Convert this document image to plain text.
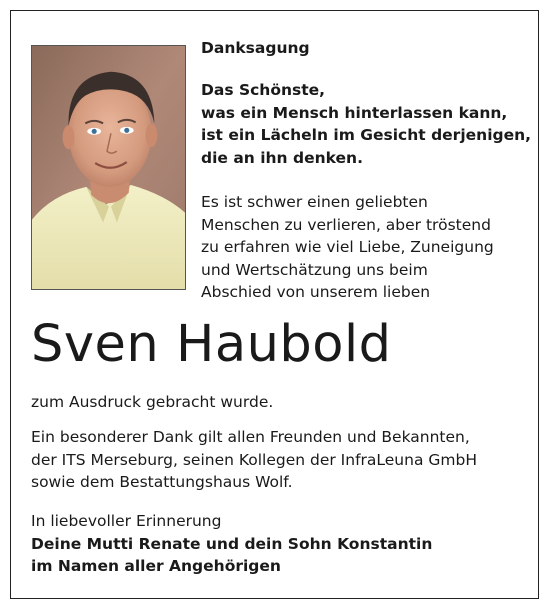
Danksagung
Das Schönste,
was ein Mensch hinterlassen kann,
ist ein Lächeln im Gesicht derjenigen,
die an ihn denken.
Es ist schwer einen geliebten
Menschen zu verlieren, aber tröstend
zu erfahren wie viel Liebe, Zuneigung
und Wertschätzung uns beim
Abschied von unserem lieben
Sven Haubold
zum Ausdruck gebracht wurde.
Ein besonderer Dank gilt allen Freunden und Bekannten,
der ITS Merseburg, seinen Kollegen der InfraLeuna GmbH
sowie dem Bestattungshaus Wolf.
In liebevoller Erinnerung
Deine Mutti Renate und dein Sohn Konstantin
im Namen aller Angehörigen
